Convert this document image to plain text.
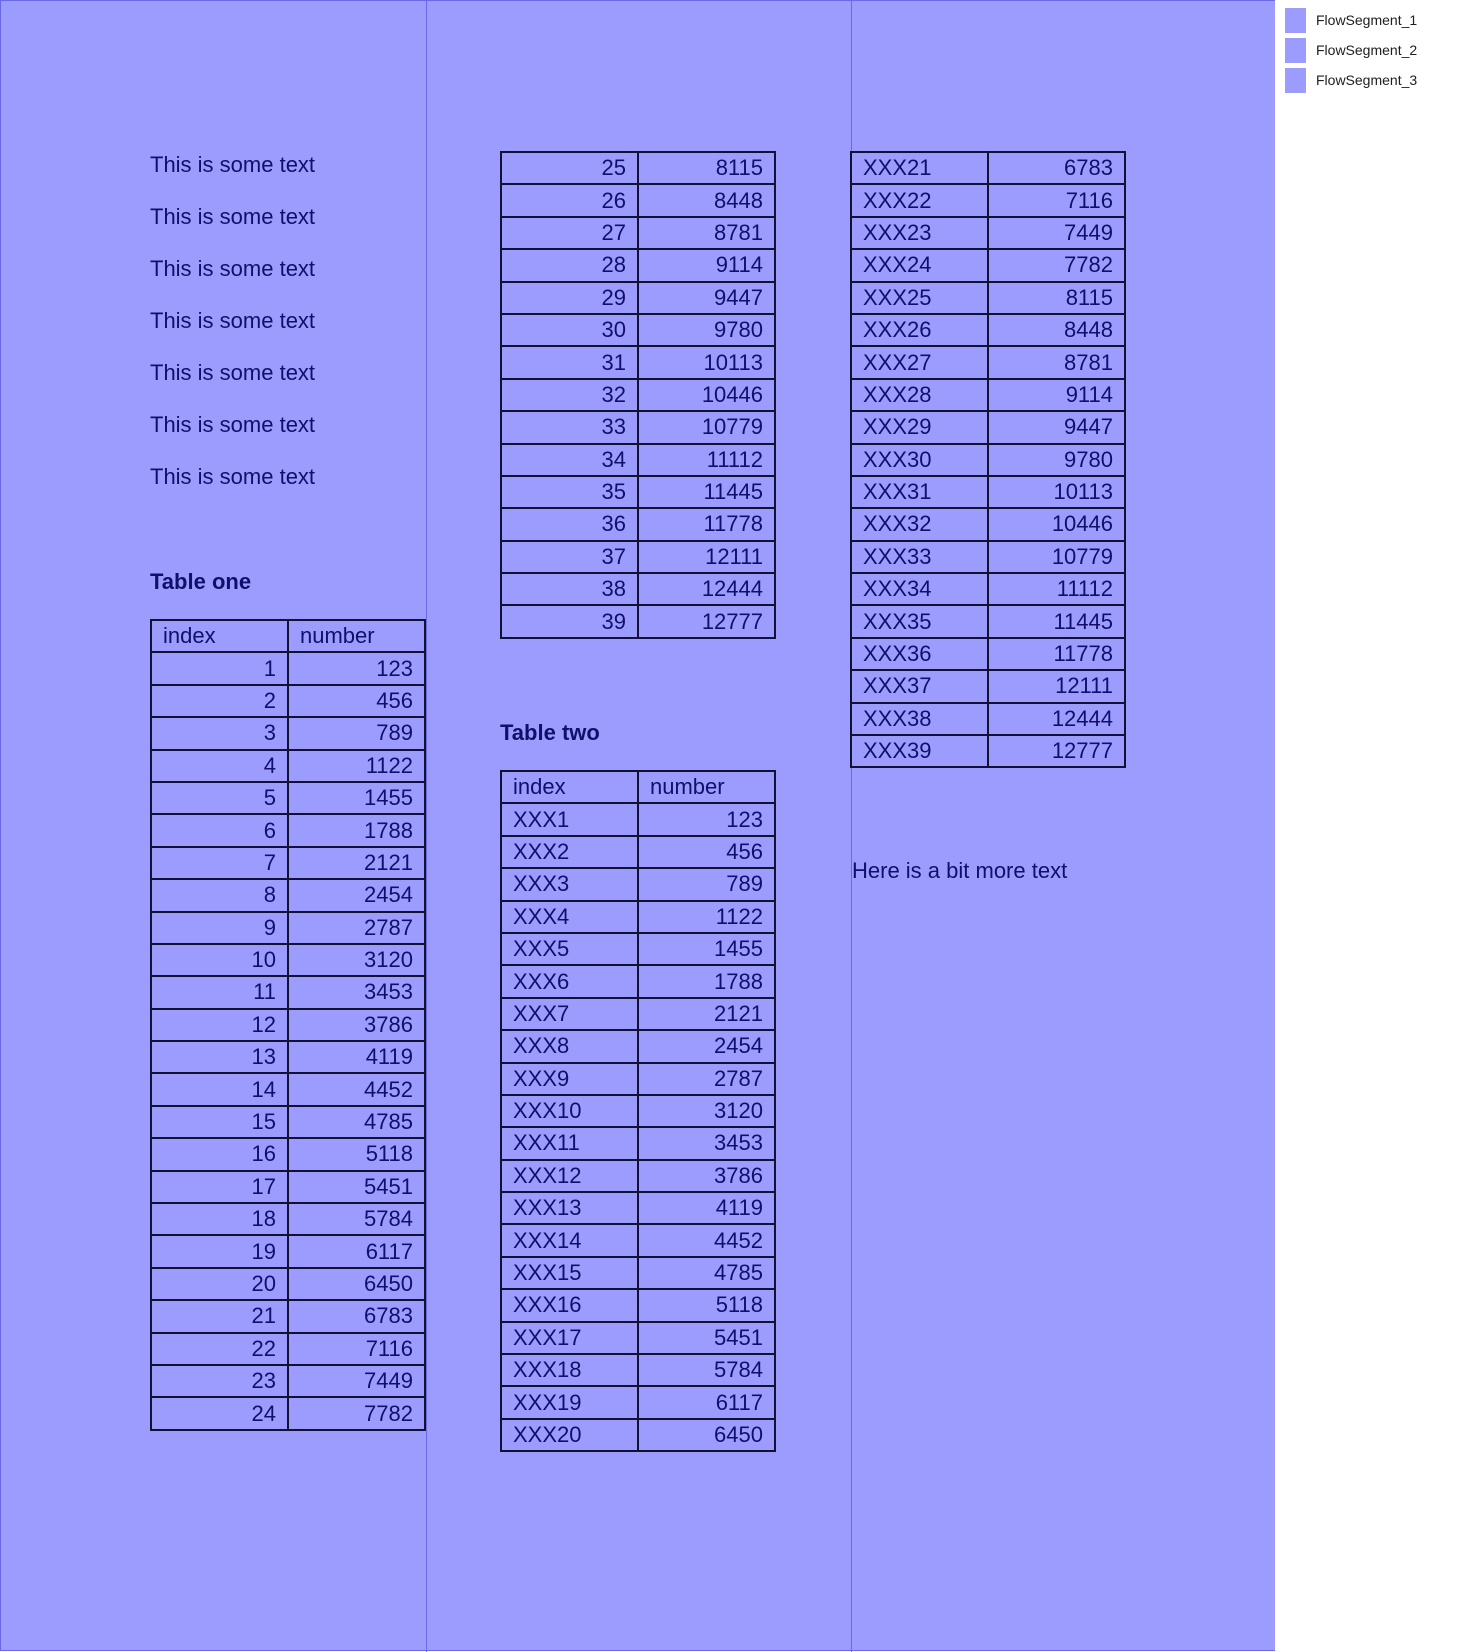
This is some text
This is some text
This is some text
This is some text
This is some text
This is some text
This is some text
Table one
index	number
1	123
2	456
3	789
4	1122
5	1455
6	1788
7	2121
8	2454
9	2787
10	3120
11	3453
12	3786
13	4119
14	4452
15	4785
16	5118
17	5451
18	5784
19	6117
20	6450
21	6783
22	7116
23	7449
24	7782
25	8115
26	8448
27	8781
28	9114
29	9447
30	9780
31	10113
32	10446
33	10779
34	11112
35	11445
36	11778
37	12111
38	12444
39	12777
Table two
index	number
XXX1	123
XXX2	456
XXX3	789
XXX4	1122
XXX5	1455
XXX6	1788
XXX7	2121
XXX8	2454
XXX9	2787
XXX10	3120
XXX11	3453
XXX12	3786
XXX13	4119
XXX14	4452
XXX15	4785
XXX16	5118
XXX17	5451
XXX18	5784
XXX19	6117
XXX20	6450
XXX21	6783
XXX22	7116
XXX23	7449
XXX24	7782
XXX25	8115
XXX26	8448
XXX27	8781
XXX28	9114
XXX29	9447
XXX30	9780
XXX31	10113
XXX32	10446
XXX33	10779
XXX34	11112
XXX35	11445
XXX36	11778
XXX37	12111
XXX38	12444
XXX39	12777
Here is a bit more text
FlowSegment_1
FlowSegment_2
FlowSegment_3
